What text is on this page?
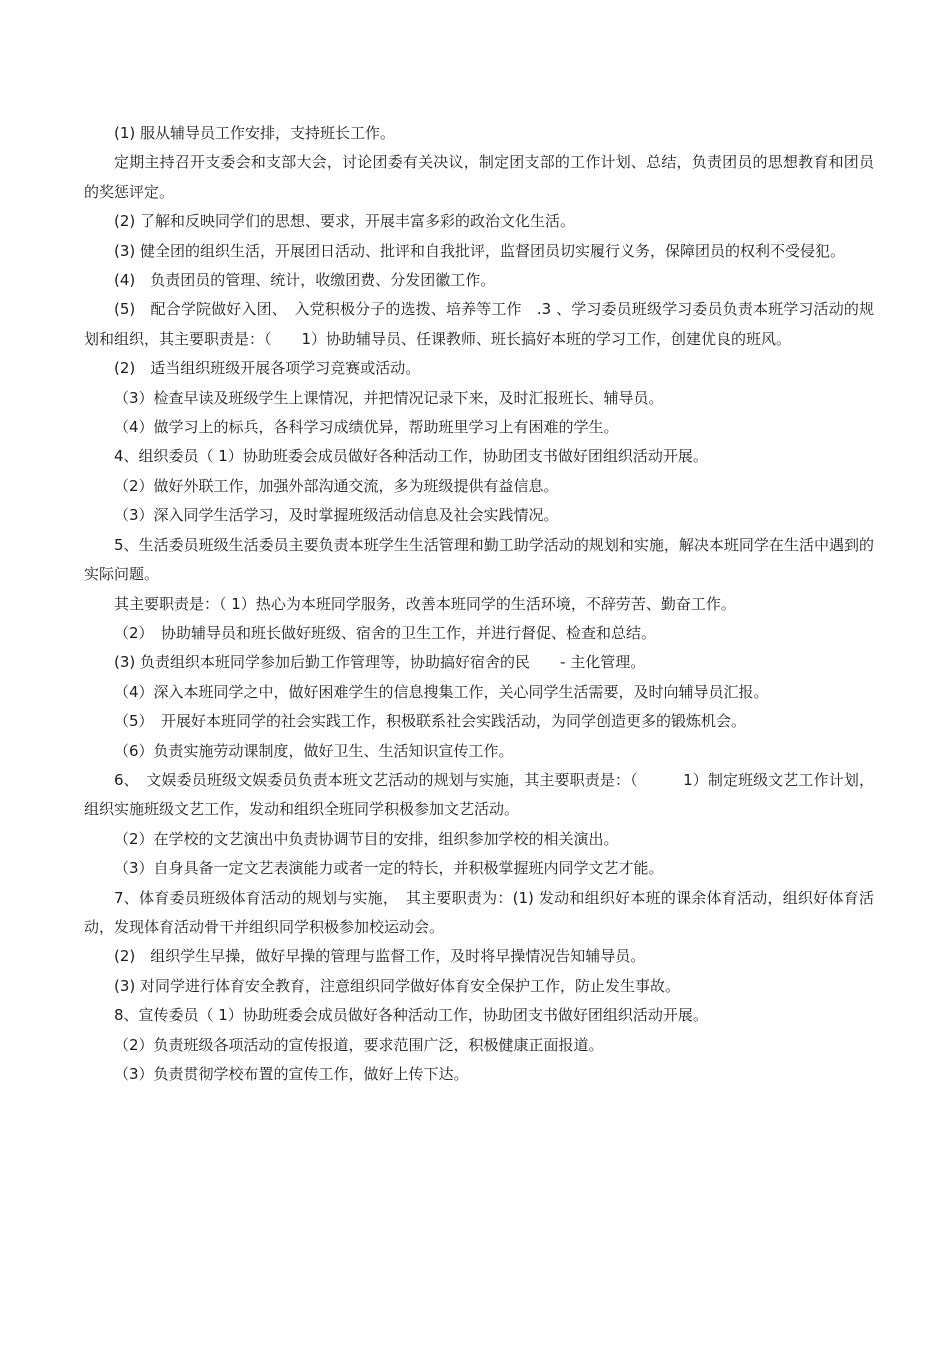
(1) 服从辅导员工作安排，支持班长工作。

定期主持召开支委会和支部大会，讨论团委有关决议，制定团支部的工作计划、总结，负责团员的思想教育和团员的奖惩评定。

(2) 了解和反映同学们的思想、要求，开展丰富多彩的政治文化生活。

(3) 健全团的组织生活，开展团日活动、批评和自我批评，监督团员切实履行义务，保障团员的权利不受侵犯。

(4)　负责团员的管理、统计，收缴团费、分发团徽工作。

(5)　配合学院做好入团、　入党积极分子的选拨、培养等工作　.3 、学习委员班级学习委员负责本班学习活动的规划和组织，其主要职责是：（　　1）协助辅导员、任课教师、班长搞好本班的学习工作，创建优良的班风。

(2)　适当组织班级开展各项学习竞赛或活动。

（3）检查早读及班级学生上课情况，并把情况记录下来，及时汇报班长、辅导员。

（4）做学习上的标兵，各科学习成绩优异，帮助班里学习上有困难的学生。

4、组织委员（ 1）协助班委会成员做好各种活动工作，协助团支书做好团组织活动开展。

（2）做好外联工作，加强外部沟通交流，多为班级提供有益信息。

（3）深入同学生活学习，及时掌握班级活动信息及社会实践情况。

5、生活委员班级生活委员主要负责本班学生生活管理和勤工助学活动的规划和实施，解决本班同学在生活中遇到的实际问题。

其主要职责是：（ 1）热心为本班同学服务，改善本班同学的生活环境，不辞劳苦、勤奋工作。

（2）　协助辅导员和班长做好班级、宿舍的卫生工作，并进行督促、检查和总结。

(3) 负责组织本班同学参加后勤工作管理等，协助搞好宿舍的民　　- 主化管理。

（4）深入本班同学之中，做好困难学生的信息搜集工作，关心同学生活需要，及时向辅导员汇报。

（5）　开展好本班同学的社会实践工作，积极联系社会实践活动，为同学创造更多的锻炼机会。

（6）负责实施劳动课制度，做好卫生、生活知识宣传工作。

6、　文娱委员班级文娱委员负责本班文艺活动的规划与实施，其主要职责是：（　　　1）制定班级文艺工作计划，组织实施班级文艺工作，发动和组织全班同学积极参加文艺活动。

（2）在学校的文艺演出中负责协调节目的安排，组织参加学校的相关演出。

（3）自身具备一定文艺表演能力或者一定的特长，并积极掌握班内同学文艺才能。

7、体育委员班级体育活动的规划与实施，　其主要职责为：(1) 发动和组织好本班的课余体育活动，组织好体育活动，发现体育活动骨干并组织同学积极参加校运动会。

(2)　组织学生早操，做好早操的管理与监督工作，及时将早操情况告知辅导员。

(3) 对同学进行体育安全教育，注意组织同学做好体育安全保护工作，防止发生事故。

8、宣传委员（ 1）协助班委会成员做好各种活动工作，协助团支书做好团组织活动开展。

（2）负责班级各项活动的宣传报道，要求范围广泛，积极健康正面报道。

（3）负责贯彻学校布置的宣传工作，做好上传下达。
